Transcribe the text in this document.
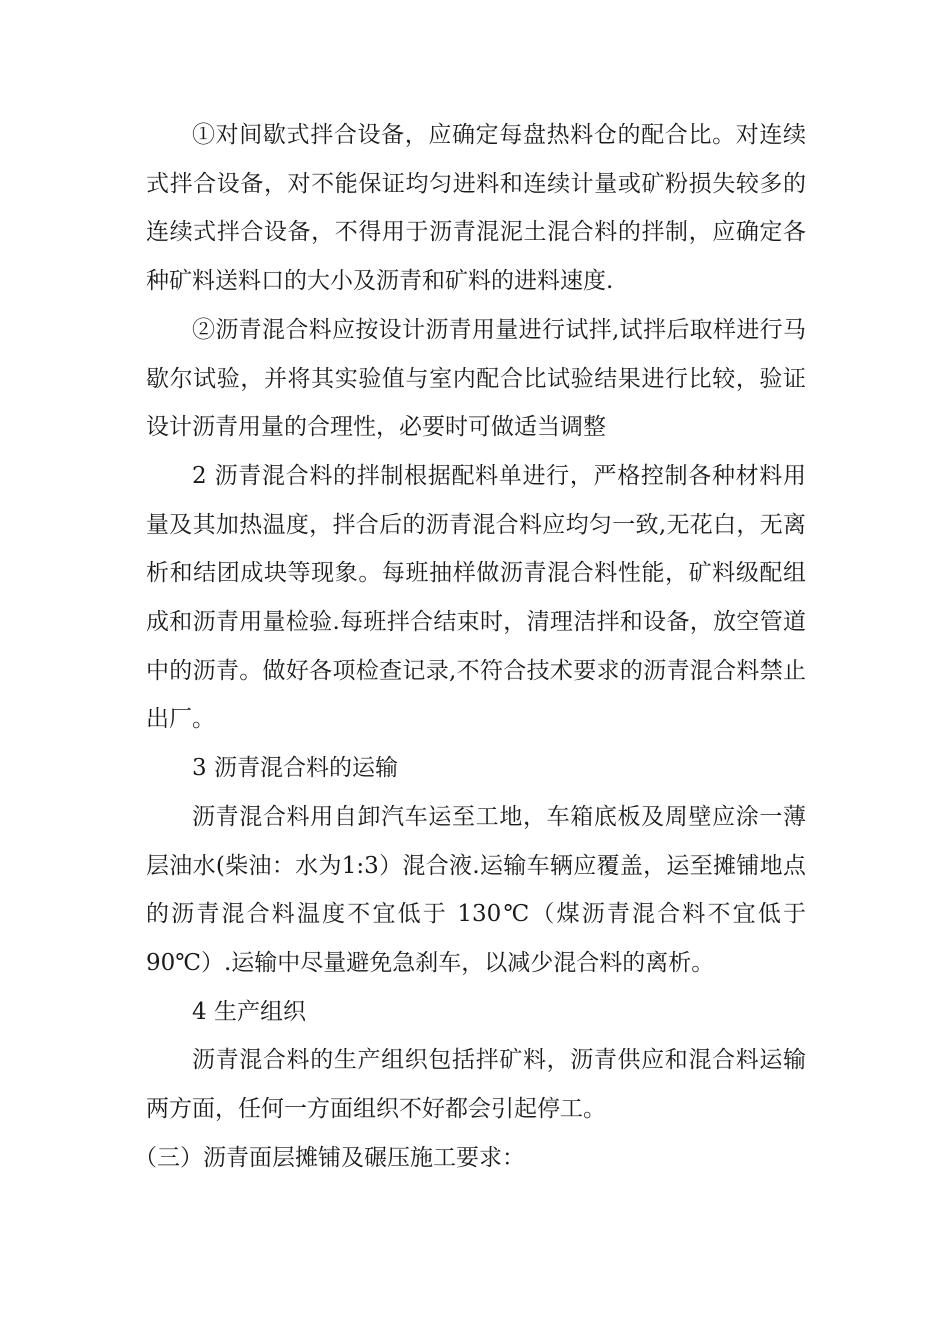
①对间歇式拌合设备，应确定每盘热料仓的配合比。对连续式拌合设备，对不能保证均匀进料和连续计量或矿粉损失较多的连续式拌合设备，不得用于沥青混泥土混合料的拌制，应确定各种矿料送料口的大小及沥青和矿料的进料速度.

②沥青混合料应按设计沥青用量进行试拌,试拌后取样进行马歇尔试验，并将其实验值与室内配合比试验结果进行比较，验证设计沥青用量的合理性，必要时可做适当调整

2 沥青混合料的拌制根据配料单进行，严格控制各种材料用量及其加热温度，拌合后的沥青混合料应均匀一致,无花白，无离析和结团成块等现象。每班抽样做沥青混合料性能，矿料级配组成和沥青用量检验.每班拌合结束时，清理洁拌和设备，放空管道中的沥青。做好各项检查记录,不符合技术要求的沥青混合料禁止出厂。

3 沥青混合料的运输

沥青混合料用自卸汽车运至工地，车箱底板及周壁应涂一薄层油水(柴油：水为1:3）混合液.运输车辆应覆盖，运至摊铺地点的沥青混合料温度不宜低于 130℃（煤沥青混合料不宜低于90℃）.运输中尽量避免急刹车，以减少混合料的离析。

4 生产组织

沥青混合料的生产组织包括拌矿料，沥青供应和混合料运输两方面，任何一方面组织不好都会引起停工。

（三）沥青面层摊铺及碾压施工要求：
